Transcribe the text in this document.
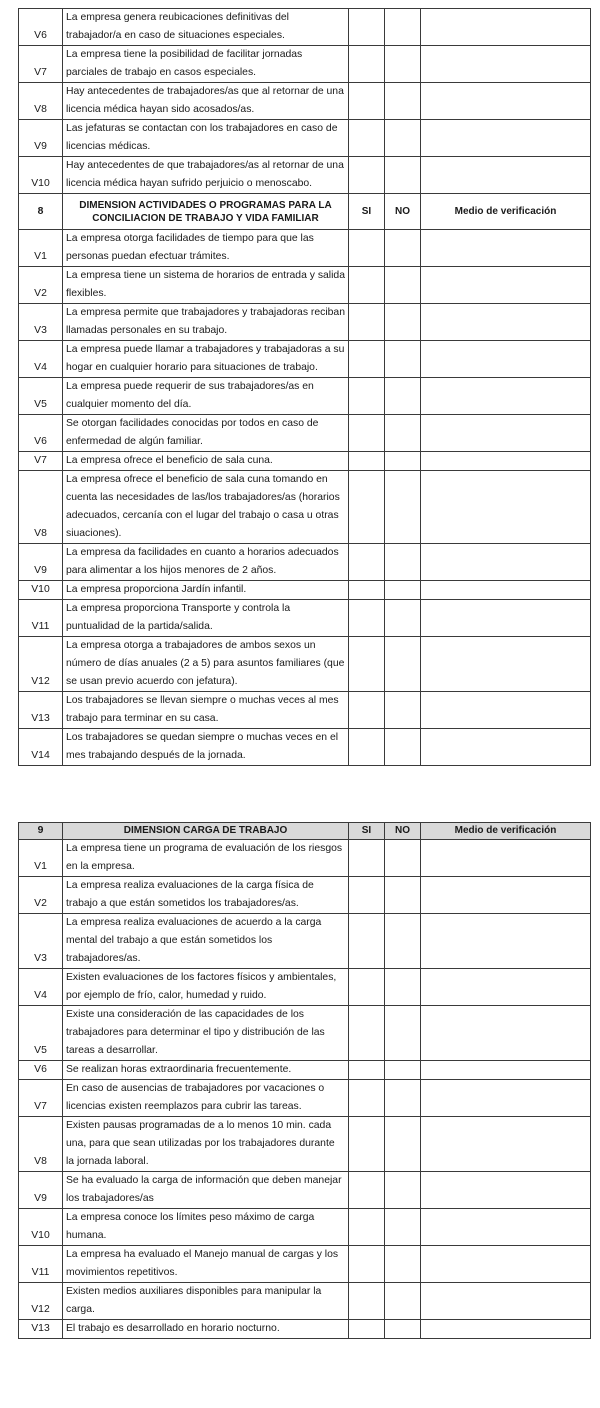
V6	La empresa genera reubicaciones definitivas del trabajador/a en caso de situaciones especiales.			
V7	La empresa tiene la posibilidad de facilitar jornadas parciales de trabajo en casos especiales.			
V8	Hay antecedentes de trabajadores/as que al retornar de una licencia médica hayan sido acosados/as.			
V9	Las jefaturas se contactan con los trabajadores en caso de licencias médicas.			
V10	Hay antecedentes de que trabajadores/as al retornar de una licencia médica hayan sufrido perjuicio o menoscabo.			
8	DIMENSION ACTIVIDADES O PROGRAMAS PARA LA CONCILIACION DE TRABAJO Y VIDA FAMILIAR	SI	NO	Medio de verificación
V1	La empresa otorga facilidades de tiempo para que las personas puedan efectuar trámites.			
V2	La empresa tiene un sistema de horarios de entrada y salida flexibles.			
V3	La empresa permite que trabajadores y trabajadoras reciban llamadas personales en su trabajo.			
V4	La empresa puede llamar a trabajadores y trabajadoras a su hogar en cualquier horario para situaciones de trabajo.			
V5	La empresa puede requerir de sus trabajadores/as en cualquier momento del día.			
V6	Se otorgan facilidades conocidas por todos en caso de enfermedad de algún familiar.			
V7	La empresa ofrece el beneficio de sala cuna.			
V8	La empresa ofrece el beneficio de sala cuna tomando en cuenta las necesidades de las/los trabajadores/as (horarios adecuados, cercanía con el lugar del trabajo o casa u otras siuaciones).			
V9	La empresa da facilidades en cuanto a horarios adecuados para alimentar a los hijos menores de 2 años.			
V10	La empresa proporciona Jardín infantil.			
V11	La empresa proporciona Transporte y controla la puntualidad de la partida/salida.			
V12	La empresa otorga a trabajadores de ambos sexos un número de días anuales (2 a 5) para asuntos familiares (que se usan previo acuerdo con jefatura).			
V13	Los trabajadores se llevan siempre o muchas veces al mes trabajo para terminar en su casa.			
V14	Los trabajadores se quedan siempre o muchas veces en el mes trabajando después de la jornada.			
9	DIMENSION CARGA DE TRABAJO	SI	NO	Medio de verificación
V1	La empresa tiene un programa de evaluación de los riesgos en la empresa.			
V2	La empresa realiza evaluaciones de la carga física de trabajo a que están sometidos los trabajadores/as.			
V3	La empresa realiza evaluaciones de acuerdo a la carga mental del trabajo a que están sometidos los trabajadores/as.			
V4	Existen evaluaciones de los factores físicos y ambientales, por ejemplo de frío, calor, humedad y ruido.			
V5	Existe una consideración de las capacidades de los trabajadores para determinar el tipo y distribución de las tareas a desarrollar.			
V6	Se realizan horas extraordinaria frecuentemente.			
V7	En caso de ausencias de trabajadores por vacaciones o licencias existen reemplazos para cubrir las tareas.			
V8	Existen pausas programadas de a lo menos 10 min. cada una, para que sean utilizadas por los trabajadores durante la jornada laboral.			
V9	Se ha evaluado la carga de información que deben manejar los trabajadores/as			
V10	La empresa conoce los límites peso máximo de carga humana.			
V11	La empresa ha evaluado el Manejo manual de cargas y los movimientos repetitivos.			
V12	Existen medios auxiliares disponibles para manipular la carga.			
V13	El trabajo es desarrollado en horario nocturno.			
